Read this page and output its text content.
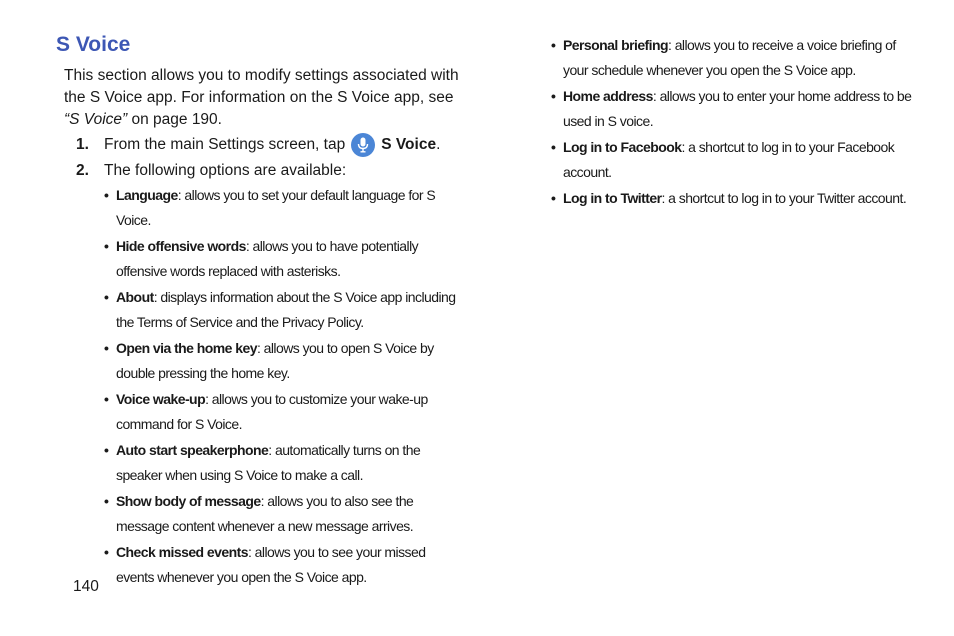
S Voice
This section allows you to modify settings associated with the S Voice app. For information on the S Voice app, see “S Voice” on page 190.
1. From the main Settings screen, tap S Voice .
2. The following options are available:
• Language: allows you to set your default language for S Voice.
• Hide offensive words: allows you to have potentially offensive words replaced with asterisks.
• About: displays information about the S Voice app including the Terms of Service and the Privacy Policy.
• Open via the home key: allows you to open S Voice by double pressing the home key.
• Voice wake-up: allows you to customize your wake-up command for S Voice.
• Auto start speakerphone: automatically turns on the speaker when using S Voice to make a call.
• Show body of message: allows you to also see the message content whenever a new message arrives.
• Check missed events: allows you to see your missed events whenever you open the S Voice app.
• Personal briefing: allows you to receive a voice briefing of your schedule whenever you open the S Voice app.
• Home address: allows you to enter your home address to be used in S voice.
• Log in to Facebook: a shortcut to log in to your Facebook account.
• Log in to Twitter: a shortcut to log in to your Twitter account.
140
